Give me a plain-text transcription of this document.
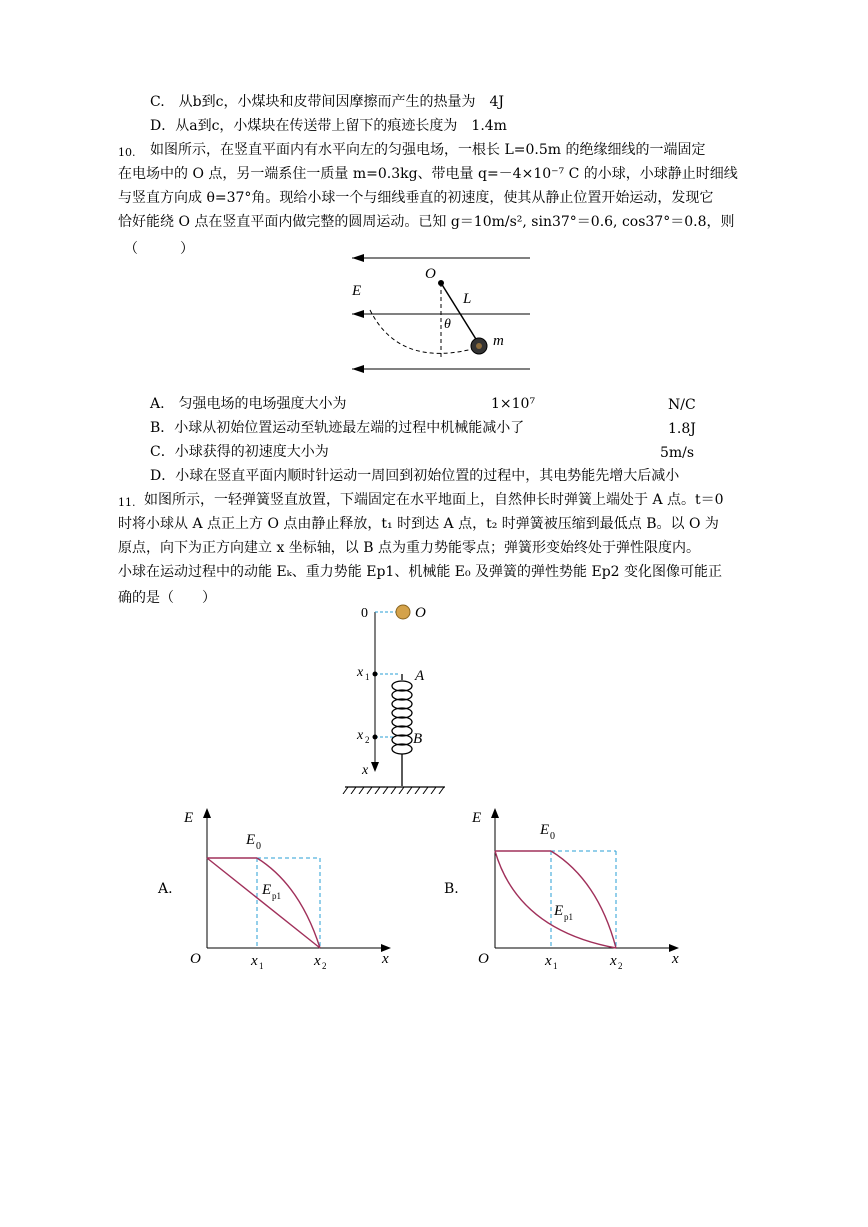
C.　从b到c，小煤块和皮带间因摩擦而产生的热量为　4J
D．从a到c，小煤块在传送带上留下的痕迹长度为　1.4m
10. 如图所示，在竖直平面内有水平向左的匀强电场，一根长 L=0.5m 的绝缘细线的一端固定
在电场中的 O 点，另一端系住一质量 m=0.3kg、带电量 q=－4×10⁻⁷ C 的小球，小球静止时细线
与竖直方向成 θ=37°角。现给小球一个与细线垂直的初速度，使其从静止位置开始运动，发现它
恰好能绕 O 点在竖直平面内做完整的圆周运动。已知 g＝10m/s², sin37°＝0.6, cos37°＝0.8，则
（　　　）
O
E	L
θ
m
A.　匀强电场的电场强度大小为	1×10⁷	N/C
B．小球从初始位置运动至轨迹最左端的过程中机械能减小了	1.8J
C．小球获得的初速度大小为	5m/s
D．小球在竖直平面内顺时针运动一周回到初始位置的过程中，其电势能先增大后减小
11. 如图所示，一轻弹簧竖直放置，下端固定在水平地面上，自然伸长时弹簧上端处于 A 点。t＝0
时将小球从 A 点正上方 O 点由静止释放，t₁ 时到达 A 点，t₂ 时弹簧被压缩到最低点 B。以 O 为
原点，向下为正方向建立 x 坐标轴，以 B 点为重力势能零点；弹簧形变始终处于弹性限度内。
小球在运动过程中的动能 Eₖ、重力势能 Ep1、机械能 E₀ 及弹簧的弹性势能 Ep2 变化图像可能正
确的是（　　）
0	O
x 1	A
x 2	B
x
A.
E
E 0
E p1
O	x 1	x 2	x
B.
E
E 0
E p1
O	x 1	x 2	x
